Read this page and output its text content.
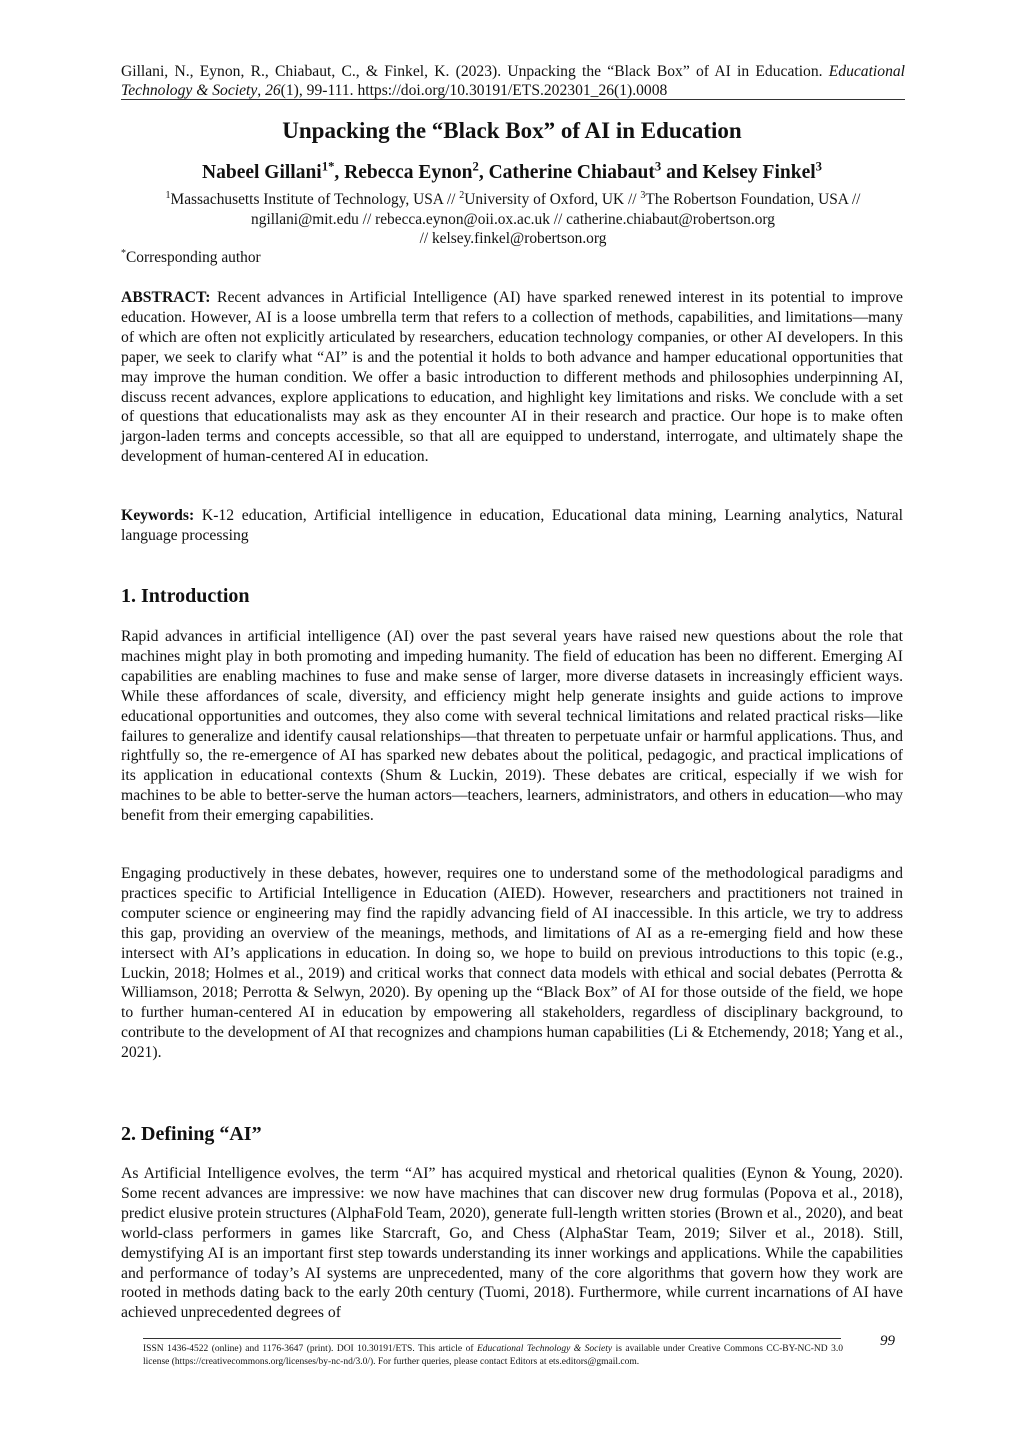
Gillani, N., Eynon, R., Chiabaut, C., & Finkel, K. (2023). Unpacking the “Black Box” of AI in Education. Educational Technology & Society, 26(1), 99-111. https://doi.org/10.30191/ETS.202301_26(1).0008
Unpacking the “Black Box” of AI in Education
Nabeel Gillani$^{1*}$, Rebecca Eynon$^2$, Catherine Chiabaut$^3$ and Kelsey Finkel$^3$
$^1$Massachusetts Institute of Technology, USA // $^2$University of Oxford, UK // $^3$The Robertson Foundation, USA //
ngillani@mit.edu // rebecca.eynon@oii.ox.ac.uk // catherine.chiabaut@robertson.org
// kelsey.finkel@robertson.org
*Corresponding author
ABSTRACT: Recent advances in Artificial Intelligence (AI) have sparked renewed interest in its potential to improve education. However, AI is a loose umbrella term that refers to a collection of methods, capabilities, and limitations—many of which are often not explicitly articulated by researchers, education technology companies, or other AI developers. In this paper, we seek to clarify what “AI” is and the potential it holds to both advance and hamper educational opportunities that may improve the human condition. We offer a basic introduction to different methods and philosophies underpinning AI, discuss recent advances, explore applications to education, and highlight key limitations and risks. We conclude with a set of questions that educationalists may ask as they encounter AI in their research and practice. Our hope is to make often jargon-laden terms and concepts accessible, so that all are equipped to understand, interrogate, and ultimately shape the development of human-centered AI in education.
Keywords: K-12 education, Artificial intelligence in education, Educational data mining, Learning analytics, Natural language processing
1. Introduction
Rapid advances in artificial intelligence (AI) over the past several years have raised new questions about the role that machines might play in both promoting and impeding humanity. The field of education has been no different. Emerging AI capabilities are enabling machines to fuse and make sense of larger, more diverse datasets in increasingly efficient ways. While these affordances of scale, diversity, and efficiency might help generate insights and guide actions to improve educational opportunities and outcomes, they also come with several technical limitations and related practical risks—like failures to generalize and identify causal relationships—that threaten to perpetuate unfair or harmful applications. Thus, and rightfully so, the re-emergence of AI has sparked new debates about the political, pedagogic, and practical implications of its application in educational contexts (Shum & Luckin, 2019). These debates are critical, especially if we wish for machines to be able to better-serve the human actors—teachers, learners, administrators, and others in education—who may benefit from their emerging capabilities.
Engaging productively in these debates, however, requires one to understand some of the methodological paradigms and practices specific to Artificial Intelligence in Education (AIED). However, researchers and practitioners not trained in computer science or engineering may find the rapidly advancing field of AI inaccessible. In this article, we try to address this gap, providing an overview of the meanings, methods, and limitations of AI as a re-emerging field and how these intersect with AI’s applications in education. In doing so, we hope to build on previous introductions to this topic (e.g., Luckin, 2018; Holmes et al., 2019) and critical works that connect data models with ethical and social debates (Perrotta & Williamson, 2018; Perrotta & Selwyn, 2020). By opening up the “Black Box” of AI for those outside of the field, we hope to further human-centered AI in education by empowering all stakeholders, regardless of disciplinary background, to contribute to the development of AI that recognizes and champions human capabilities (Li & Etchemendy, 2018; Yang et al., 2021).
2. Defining “AI”
As Artificial Intelligence evolves, the term “AI” has acquired mystical and rhetorical qualities (Eynon & Young, 2020). Some recent advances are impressive: we now have machines that can discover new drug formulas (Popova et al., 2018), predict elusive protein structures (AlphaFold Team, 2020), generate full-length written stories (Brown et al., 2020), and beat world-class performers in games like Starcraft, Go, and Chess (AlphaStar Team, 2019; Silver et al., 2018). Still, demystifying AI is an important first step towards understanding its inner workings and applications. While the capabilities and performance of today’s AI systems are unprecedented, many of the core algorithms that govern how they work are rooted in methods dating back to the early 20th century (Tuomi, 2018). Furthermore, while current incarnations of AI have achieved unprecedented degrees of
ISSN 1436-4522 (online) and 1176-3647 (print). DOI 10.30191/ETS. This article of Educational Technology & Society is available under Creative Commons CC-BY-NC-ND 3.0 license (https://creativecommons.org/licenses/by-nc-nd/3.0/). For further queries, please contact Editors at ets.editors@gmail.com.
99
